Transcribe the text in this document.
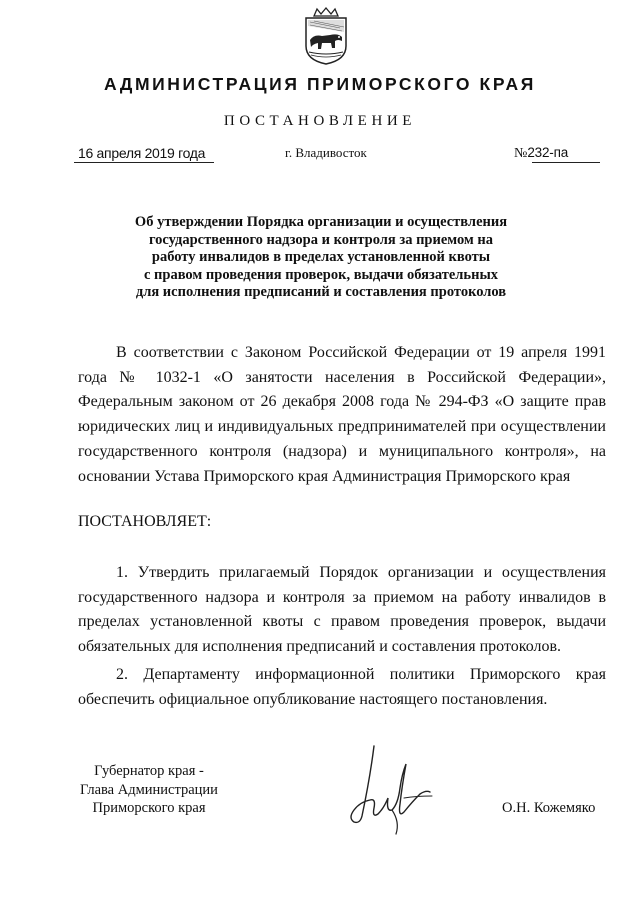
АДМИНИСТРАЦИЯ ПРИМОРСКОГО КРАЯ
ПОСТАНОВЛЕНИЕ
16 апреля 2019 года	г. Владивосток	№232-па
Об утверждении Порядка организации и осуществления
государственного надзора и контроля за приемом на
работу инвалидов в пределах установленной квоты
с правом проведения проверок, выдачи обязательных
для исполнения предписаний и составления протоколов
В соответствии с Законом Российской Федерации от 19 апреля 1991 года № 1032-1 «О занятости населения в Российской Федерации», Федеральным законом от 26 декабря 2008 года № 294-ФЗ «О защите прав юридических лиц и индивидуальных предпринимателей при осуществлении государственного контроля (надзора) и муниципального контроля», на основании Устава Приморского края Администрация Приморского края
ПОСТАНОВЛЯЕТ:
1. Утвердить прилагаемый Порядок организации и осуществления государственного надзора и контроля за приемом на работу инвалидов в пределах установленной квоты с правом проведения проверок, выдачи обязательных для исполнения предписаний и составления протоколов.
2. Департаменту информационной политики Приморского края обеспечить официальное опубликование настоящего постановления.
Губернатор края -
Глава Администрации
Приморского края	О.Н. Кожемяко
